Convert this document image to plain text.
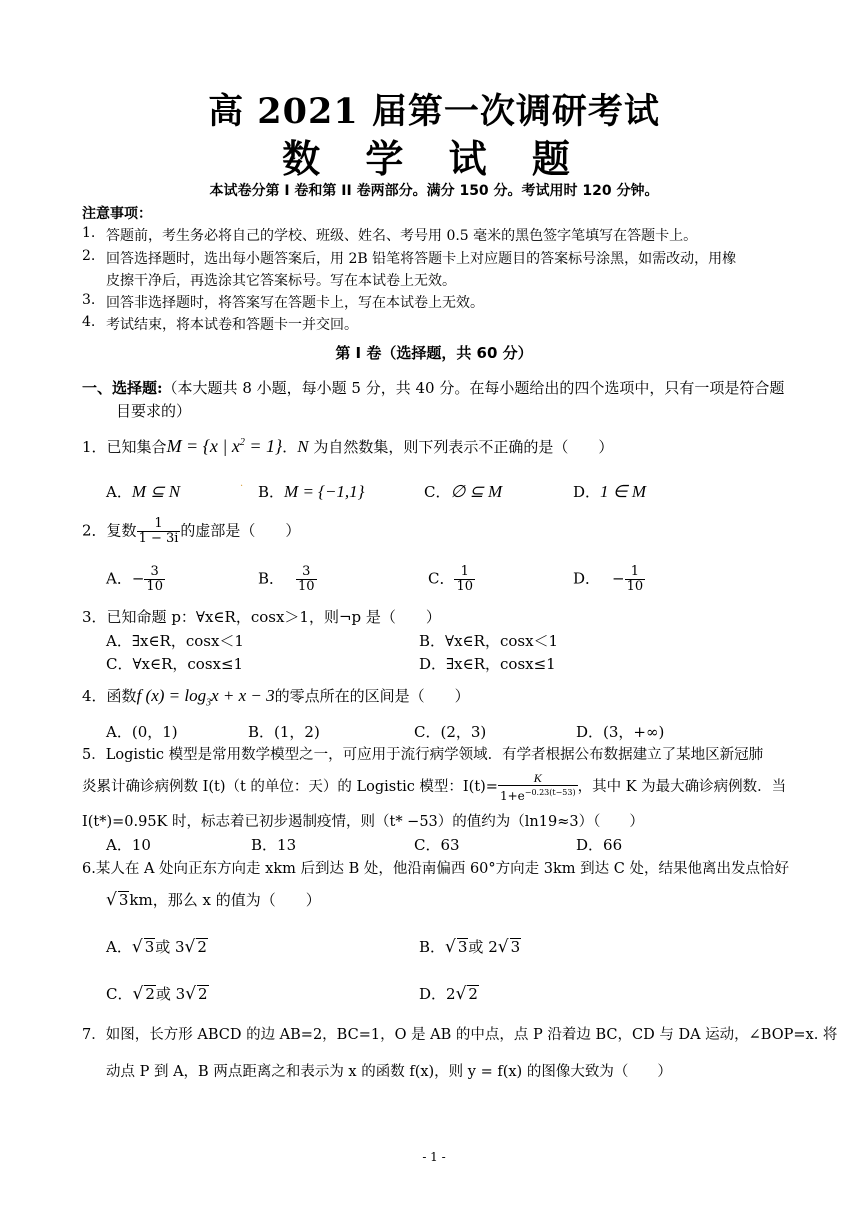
高 2021 届第一次调研考试
数 学 试 题
本试卷分第 I 卷和第 II 卷两部分。满分 150 分。考试用时 120 分钟。
注意事项：
1. 答题前，考生务必将自己的学校、班级、姓名、考号用 0.5 毫米的黑色签字笔填写在答题卡上。
2. 回答选择题时，选出每小题答案后，用 2B 铅笔将答题卡上对应题目的答案标号涂黑，如需改动，用橡
皮擦干净后，再选涂其它答案标号。写在本试卷上无效。
3. 回答非选择题时，将答案写在答题卡上，写在本试卷上无效。
4. 考试结束，将本试卷和答题卡一并交回。
第 I 卷（选择题，共 60 分）
一、选择题:（本大题共 8 小题，每小题 5 分，共 40 分。在每小题给出的四个选项中，只有一项是符合题
目要求的）
1．已知集合M = {x | $x^2 = 1$}．N 为自然数集，则下列表示不正确的是（　　）
A．M ⊆ N	· B．M = {−1,1}	C．∅ ⊆ M	D．1 ∈ M
2．复数 $\frac{1}{1 - 3i}$ 的虚部是（　　）
A．− $\frac{3}{10}$	B． $\frac{3}{10}$	C． $\frac{1}{10}$	D． − $\frac{1}{10}$
3．已知命题 p：∀x∈R，cosx＞1，则¬p 是（　　）
A．∃x∈R，cosx＜1	B．∀x∈R，cosx＜1
C．∀x∈R，cosx≤1	D．∃x∈R，cosx≤1
4．函数f $(x) = \log_3x + x - 3$的零点所在的区间是（　　）
A．(0，1)	B．(1，2)	C．(2，3)	D．(3，+∞)
5．Logistic 模型是常用数学模型之一，可应用于流行病学领域．有学者根据公布数据建立了某地区新冠肺
炎累计确诊病例数 I(t)（t 的单位：天）的 Logistic 模型：$I(t)= \frac{K}{1+e^{-0.23(t-53)}}$ ，其中 K 为最大确诊病例数．当
I(t*)=0.95K 时，标志着已初步遏制疫情，则（t* −53）的值约为（ln19≈3）（　　）
A．10	B．13	C．63	D．66
6.某人在 A 处向正东方向走 xkm 后到达 B 处，他沿南偏西 60°方向走 3km 到达 C 处，结果他离出发点恰好
√ 3km，那么 x 的值为（　　）
A．√ 3或 3√ 2	B．√ 3或 2√ 3
C．√ 2或 3√ 2	D．2√ 2
7．如图，长方形 ABCD 的边 AB=2，BC=1，O 是 AB 的中点，点 P 沿着边 BC，CD 与 DA 运动，∠BOP=x. 将
动点 P 到 A，B 两点距离之和表示为 x 的函数 f(x)，则 y = f(x) 的图像大致为（　　）
- 1 -
